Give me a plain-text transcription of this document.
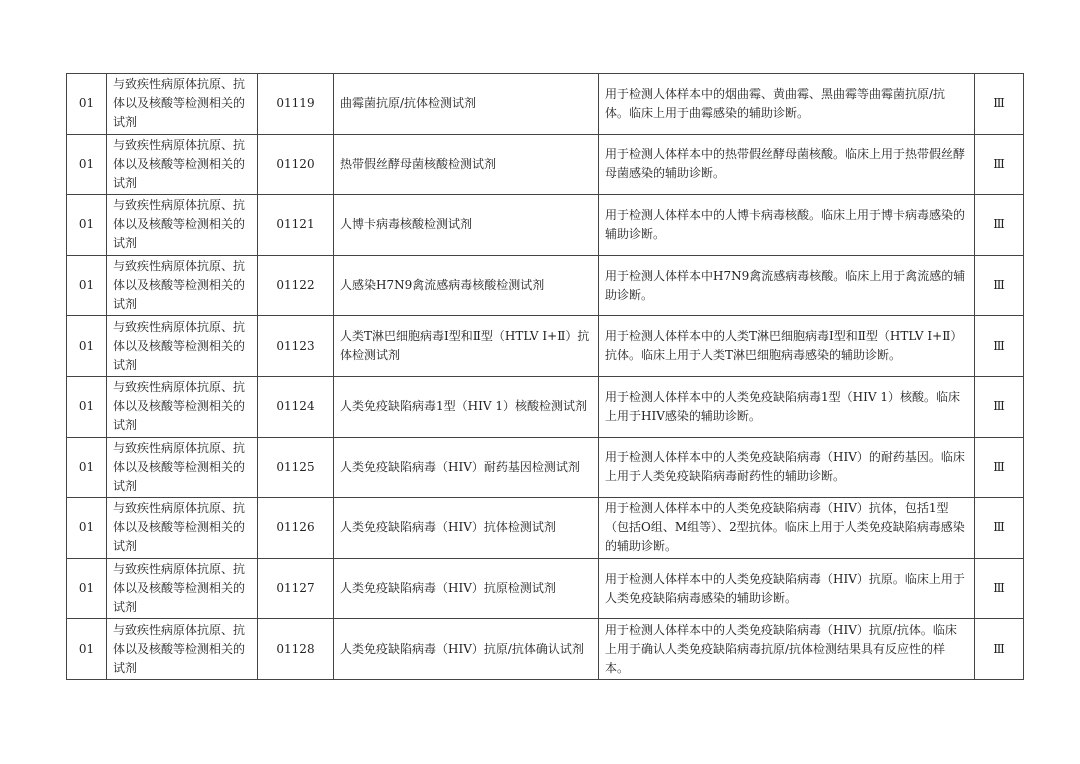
01	与致疾性病原体抗原、抗体以及核酸等检测相关的试剂	01119	曲霉菌抗原/抗体检测试剂	用于检测人体样本中的烟曲霉、黄曲霉、黑曲霉等曲霉菌抗原/抗体。临床上用于曲霉感染的辅助诊断。	Ⅲ
01	与致疾性病原体抗原、抗体以及核酸等检测相关的试剂	01120	热带假丝酵母菌核酸检测试剂	用于检测人体样本中的热带假丝酵母菌核酸。临床上用于热带假丝酵母菌感染的辅助诊断。	Ⅲ
01	与致疾性病原体抗原、抗体以及核酸等检测相关的试剂	01121	人博卡病毒核酸检测试剂	用于检测人体样本中的人博卡病毒核酸。临床上用于博卡病毒感染的辅助诊断。	Ⅲ
01	与致疾性病原体抗原、抗体以及核酸等检测相关的试剂	01122	人感染H7N9禽流感病毒核酸检测试剂	用于检测人体样本中H7N9禽流感病毒核酸。临床上用于禽流感的辅助诊断。	Ⅲ
01	与致疾性病原体抗原、抗体以及核酸等检测相关的试剂	01123	人类T淋巴细胞病毒Ⅰ型和Ⅱ型（HTLV Ⅰ+Ⅱ）抗体检测试剂	用于检测人体样本中的人类T淋巴细胞病毒Ⅰ型和Ⅱ型（HTLV Ⅰ+Ⅱ）抗体。临床上用于人类T淋巴细胞病毒感染的辅助诊断。	Ⅲ
01	与致疾性病原体抗原、抗体以及核酸等检测相关的试剂	01124	人类免疫缺陷病毒1型（HIV 1）核酸检测试剂	用于检测人体样本中的人类免疫缺陷病毒1型（HIV 1）核酸。临床上用于HIV感染的辅助诊断。	Ⅲ
01	与致疾性病原体抗原、抗体以及核酸等检测相关的试剂	01125	人类免疫缺陷病毒（HIV）耐药基因检测试剂	用于检测人体样本中的人类免疫缺陷病毒（HIV）的耐药基因。临床上用于人类免疫缺陷病毒耐药性的辅助诊断。	Ⅲ
01	与致疾性病原体抗原、抗体以及核酸等检测相关的试剂	01126	人类免疫缺陷病毒（HIV）抗体检测试剂	用于检测人体样本中的人类免疫缺陷病毒（HIV）抗体，包括1型（包括O组、M组等）、2型抗体。临床上用于人类免疫缺陷病毒感染的辅助诊断。	Ⅲ
01	与致疾性病原体抗原、抗体以及核酸等检测相关的试剂	01127	人类免疫缺陷病毒（HIV）抗原检测试剂	用于检测人体样本中的人类免疫缺陷病毒（HIV）抗原。临床上用于人类免疫缺陷病毒感染的辅助诊断。	Ⅲ
01	与致疾性病原体抗原、抗体以及核酸等检测相关的试剂	01128	人类免疫缺陷病毒（HIV）抗原/抗体确认试剂	用于检测人体样本中的人类免疫缺陷病毒（HIV）抗原/抗体。临床上用于确认人类免疫缺陷病毒抗原/抗体检测结果具有反应性的样本。	Ⅲ
